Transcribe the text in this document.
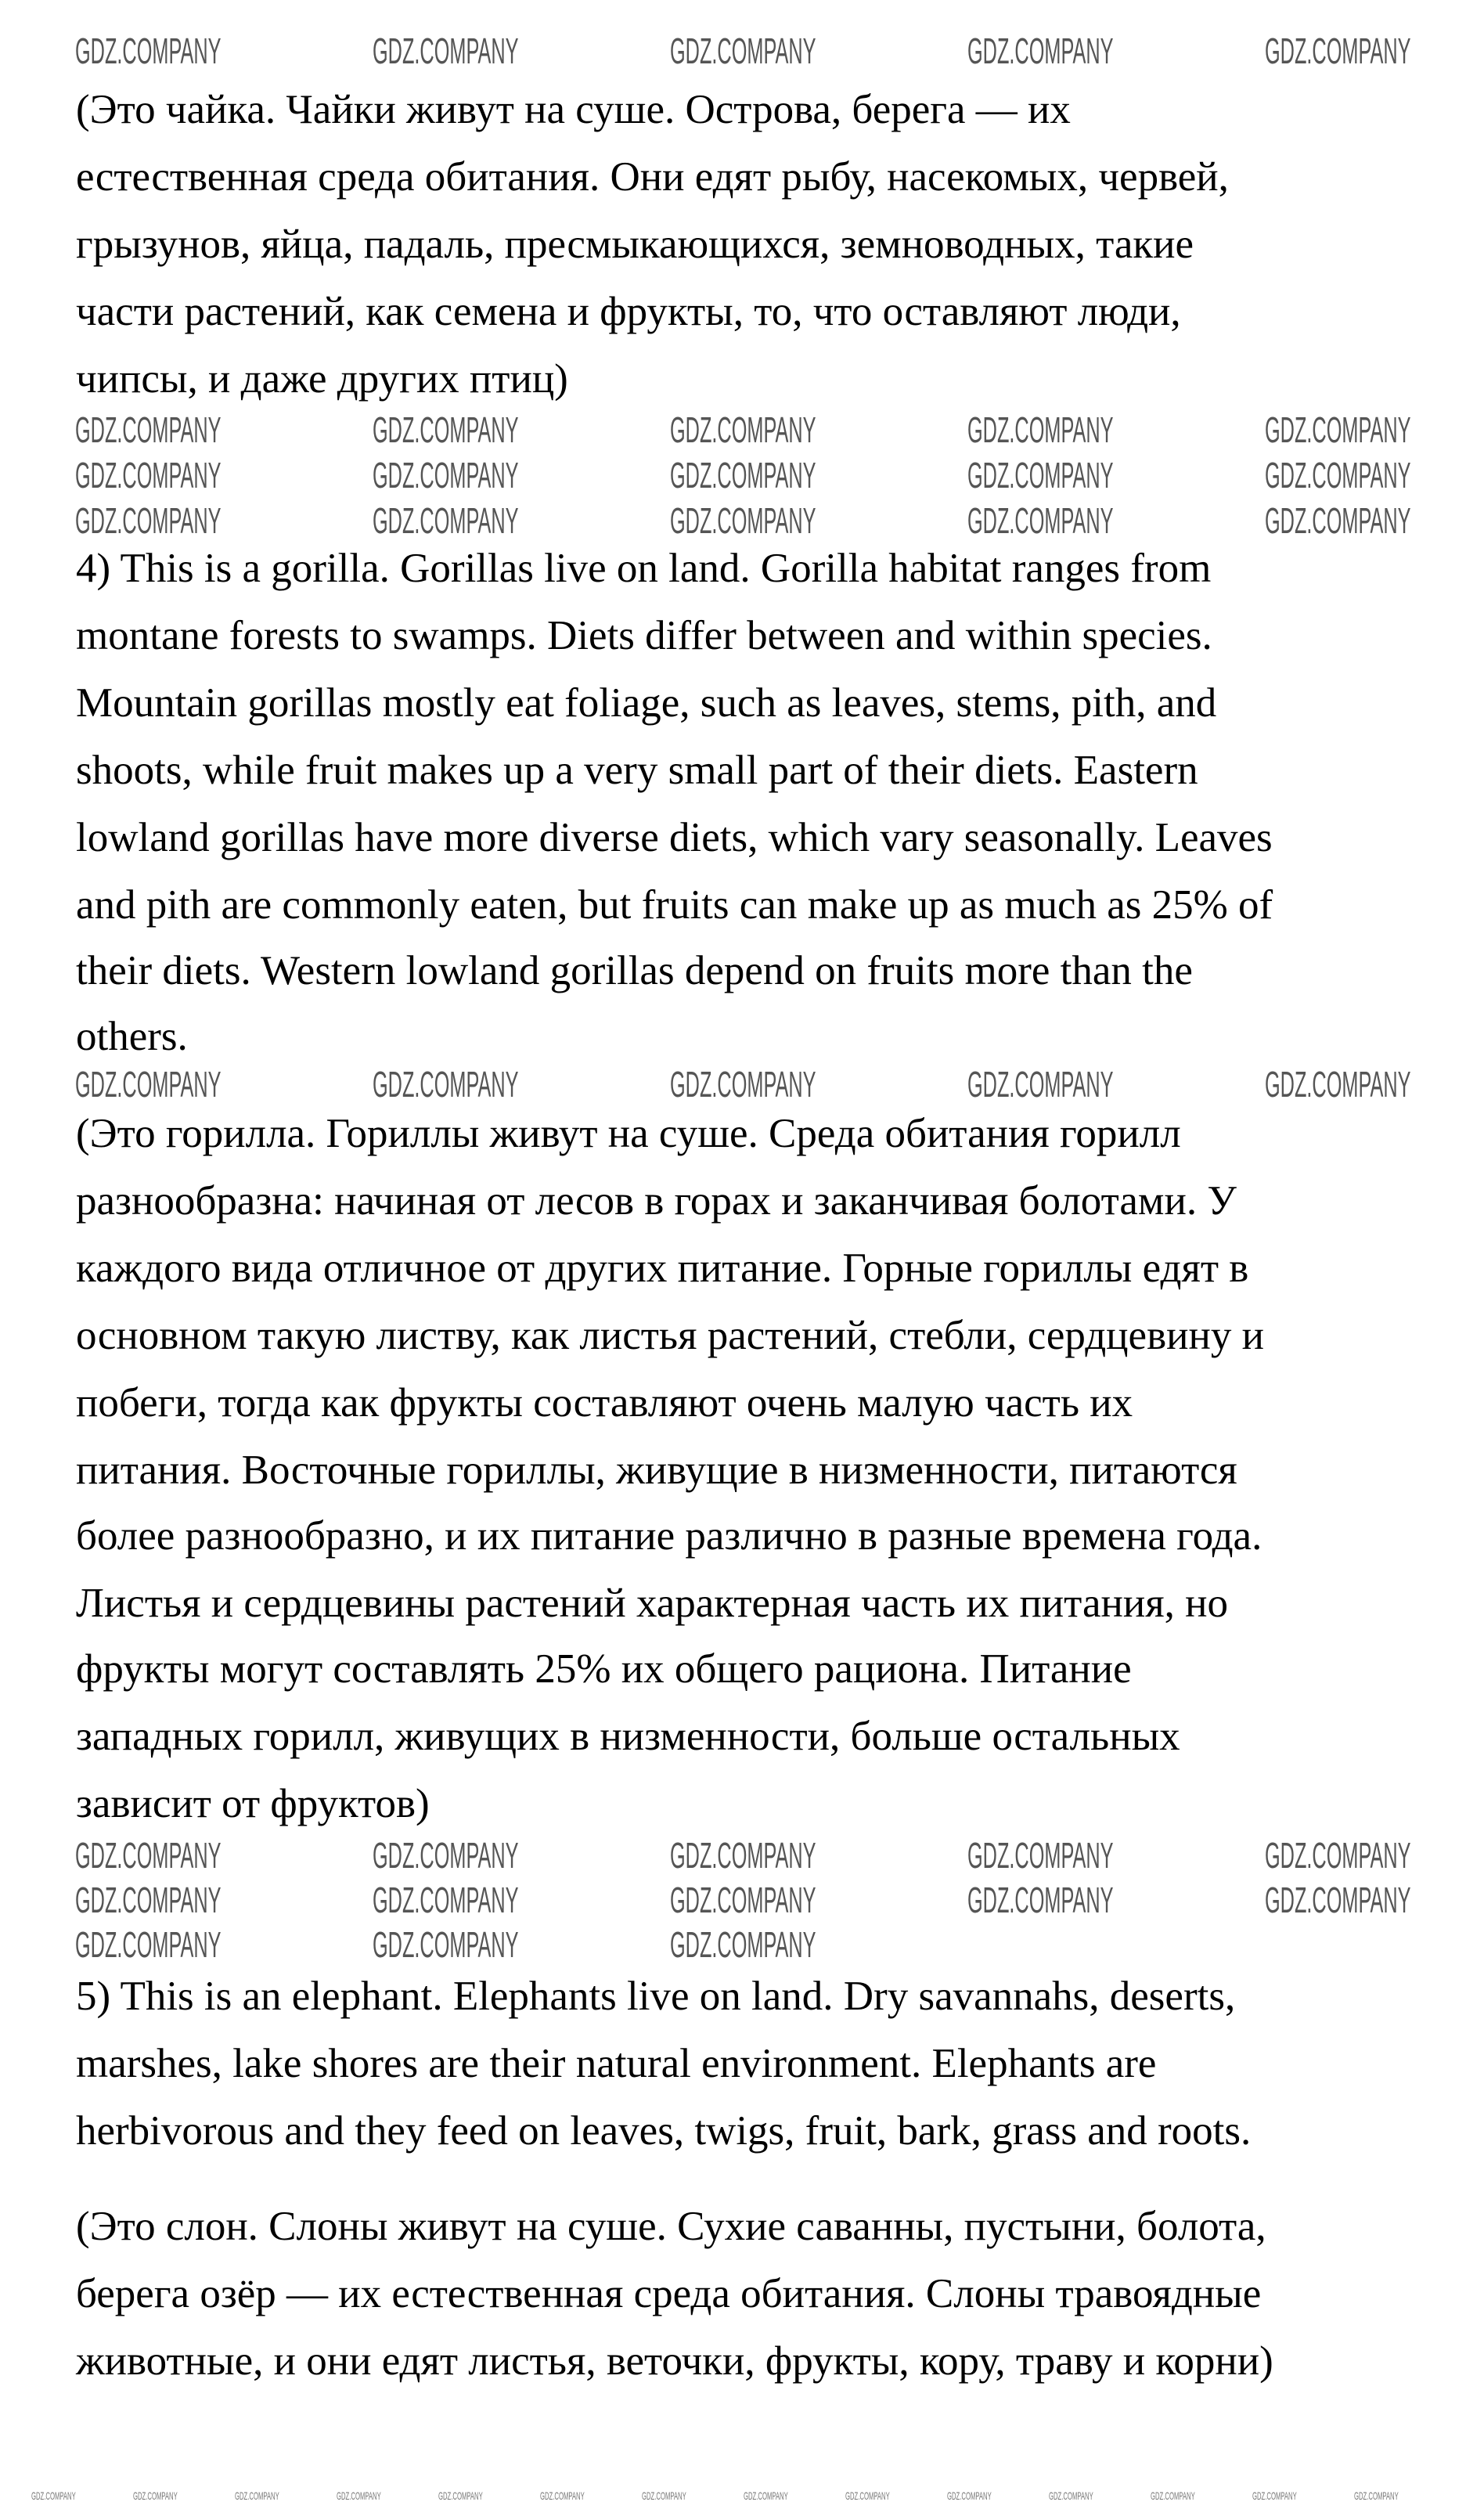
(Это чайка. Чайки живут на суше. Острова, берега — их
естественная среда обитания. Они едят рыбу, насекомых, червей,
грызунов, яйца, падаль, пресмыкающихся, земноводных, такие
части растений, как семена и фрукты, то, что оставляют люди,
чипсы, и даже других птиц)
4) This is a gorilla. Gorillas live on land. Gorilla habitat ranges from
montane forests to swamps. Diets differ between and within species.
Mountain gorillas mostly eat foliage, such as leaves, stems, pith, and
shoots, while fruit makes up a very small part of their diets. Eastern
lowland gorillas have more diverse diets, which vary seasonally. Leaves
and pith are commonly eaten, but fruits can make up as much as 25% of
their diets. Western lowland gorillas depend on fruits more than the
others.
(Это горилла. Гориллы живут на суше. Среда обитания горилл
разнообразна: начиная от лесов в горах и заканчивая болотами. У
каждого вида отличное от других питание. Горные гориллы едят в
основном такую листву, как листья растений, стебли, сердцевину и
побеги, тогда как фрукты составляют очень малую часть их
питания. Восточные гориллы, живущие в низменности, питаются
более разнообразно, и их питание различно в разные времена года.
Листья и сердцевины растений характерная часть их питания, но
фрукты могут составлять 25% их общего рациона. Питание
западных горилл, живущих в низменности, больше остальных
зависит от фруктов)
5) This is an elephant. Elephants live on land. Dry savannahs, deserts,
marshes, lake shores are their natural environment. Elephants are
herbivorous and they feed on leaves, twigs, fruit, bark, grass and roots.
(Это слон. Слоны живут на суше. Сухие саванны, пустыни, болота,
берега озёр — их естественная среда обитания. Слоны травоядные
животные, и они едят листья, веточки, фрукты, кору, траву и корни)
GDZ.COMPANY	GDZ.COMPANY	GDZ.COMPANY	GDZ.COMPANY	GDZ.COMPANY
GDZ.COMPANY	GDZ.COMPANY	GDZ.COMPANY	GDZ.COMPANY	GDZ.COMPANY
GDZ.COMPANY	GDZ.COMPANY	GDZ.COMPANY	GDZ.COMPANY	GDZ.COMPANY
GDZ.COMPANY	GDZ.COMPANY	GDZ.COMPANY	GDZ.COMPANY	GDZ.COMPANY
GDZ.COMPANY	GDZ.COMPANY	GDZ.COMPANY	GDZ.COMPANY	GDZ.COMPANY
GDZ.COMPANY	GDZ.COMPANY	GDZ.COMPANY	GDZ.COMPANY	GDZ.COMPANY
GDZ.COMPANY	GDZ.COMPANY	GDZ.COMPANY	GDZ.COMPANY	GDZ.COMPANY
GDZ.COMPANY	GDZ.COMPANY	GDZ.COMPANY
GDZ.COMPANY	GDZ.COMPANY	GDZ.COMPANY	GDZ.COMPANY	GDZ.COMPANY	GDZ.COMPANY	GDZ.COMPANY	GDZ.COMPANY	GDZ.COMPANY	GDZ.COMPANY	GDZ.COMPANY	GDZ.COMPANY	GDZ.COMPANY	GDZ.COMPANY
